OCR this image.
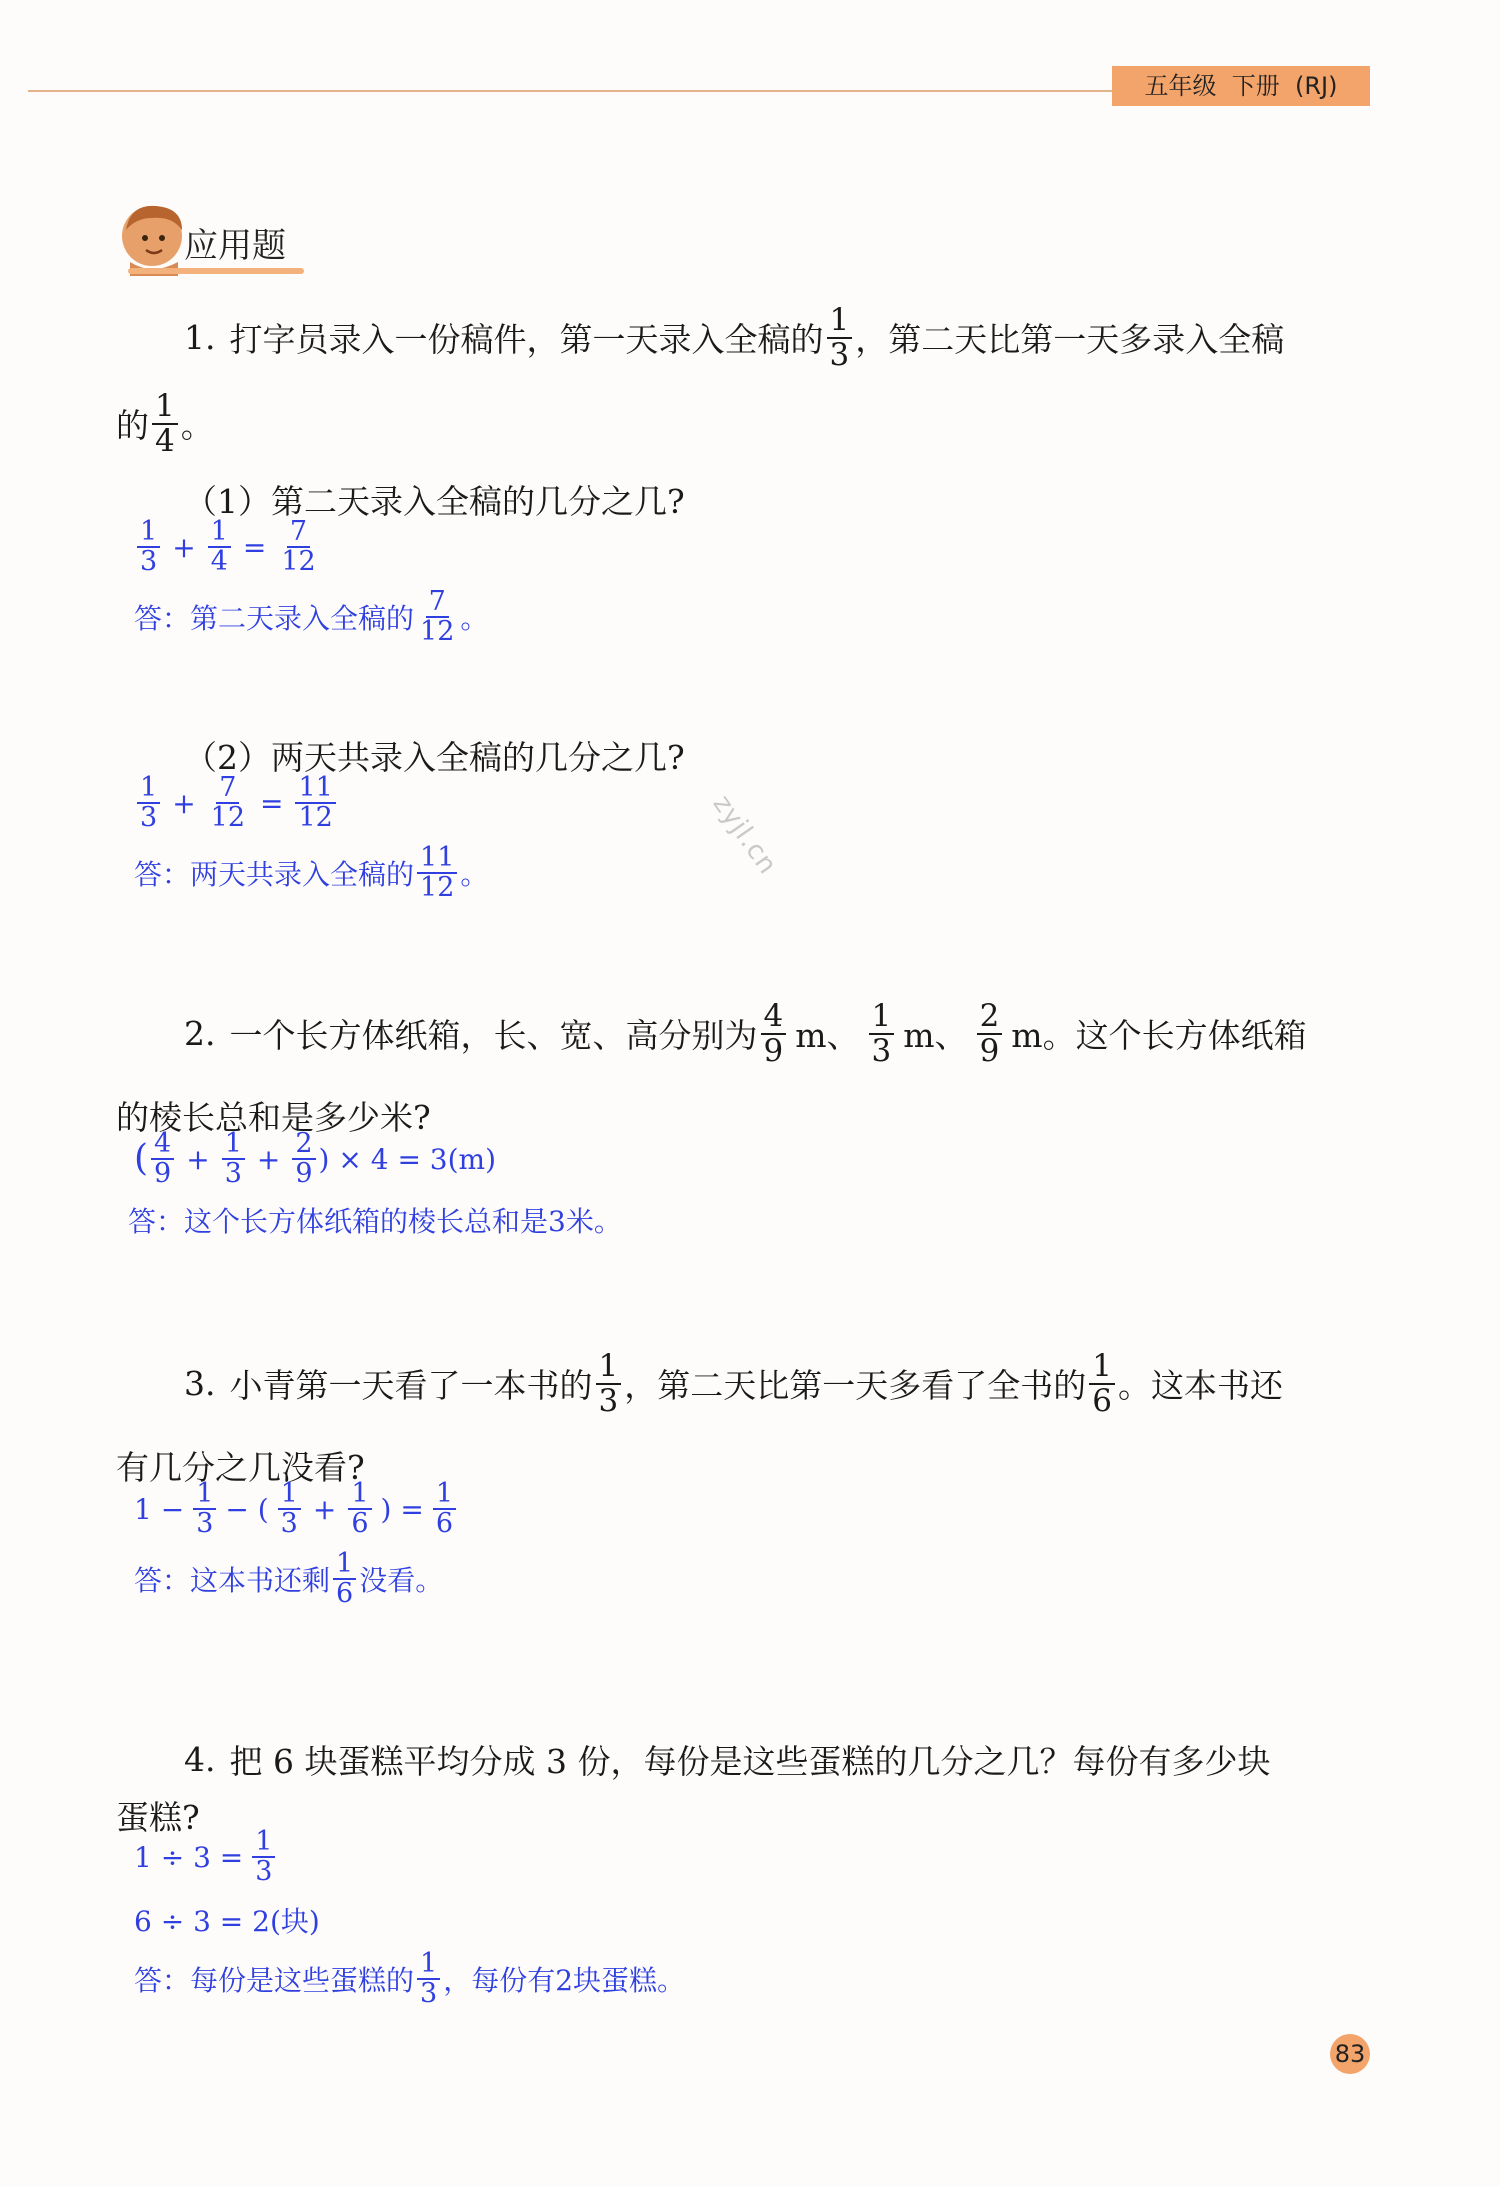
五年级 下册 (RJ)
应用题
1. 打字员录入一份稿件，第一天录入全稿的 $\frac{1}{3}$ ，第二天比第一天多录入全稿
的 $\frac{1}{4}$ 。
（1）第二天录入全稿的几分之几?
$\frac{1}{3} + \frac{1}{4} = \frac{7}{12}$
答：第二天录入全稿的 $\frac{7}{12}$ 。
（2）两天共录入全稿的几分之几?
$\frac{1}{3} + \frac{7}{12} = \frac{11}{12}$
答：两天共录入全稿的 $\frac{11}{12}$ 。	zyjl.cn
2. 一个长方体纸箱，长、宽、高分别为 $\frac{4}{9}$ m、 $\frac{1}{3}$ m、 $\frac{2}{9}$ m。这个长方体纸箱
的棱长总和是多少米?
( $\frac{4}{9} + \frac{1}{3} + \frac{2}{9}$ ) × 4 = 3(m)
答：这个长方体纸箱的棱长总和是3米。
3. 小青第一天看了一本书的 $\frac{1}{3}$ ，第二天比第一天多看了全书的 $\frac{1}{6}$ 。这本书还
有几分之几没看?
$1 - \frac{1}{3}$ − ( $\frac{1}{3} + \frac{1}{6}$ ) = $\frac{1}{6}$
答：这本书还剩 $\frac{1}{6}$ 没看。
4. 把 6 块蛋糕平均分成 3 份，每份是这些蛋糕的几分之几？每份有多少块
蛋糕?
$1 \div 3 = \frac{1}{3}$
6 ÷ 3 = 2(块)
答：每份是这些蛋糕的 $\frac{1}{3}$ ，每份有2块蛋糕。
83
